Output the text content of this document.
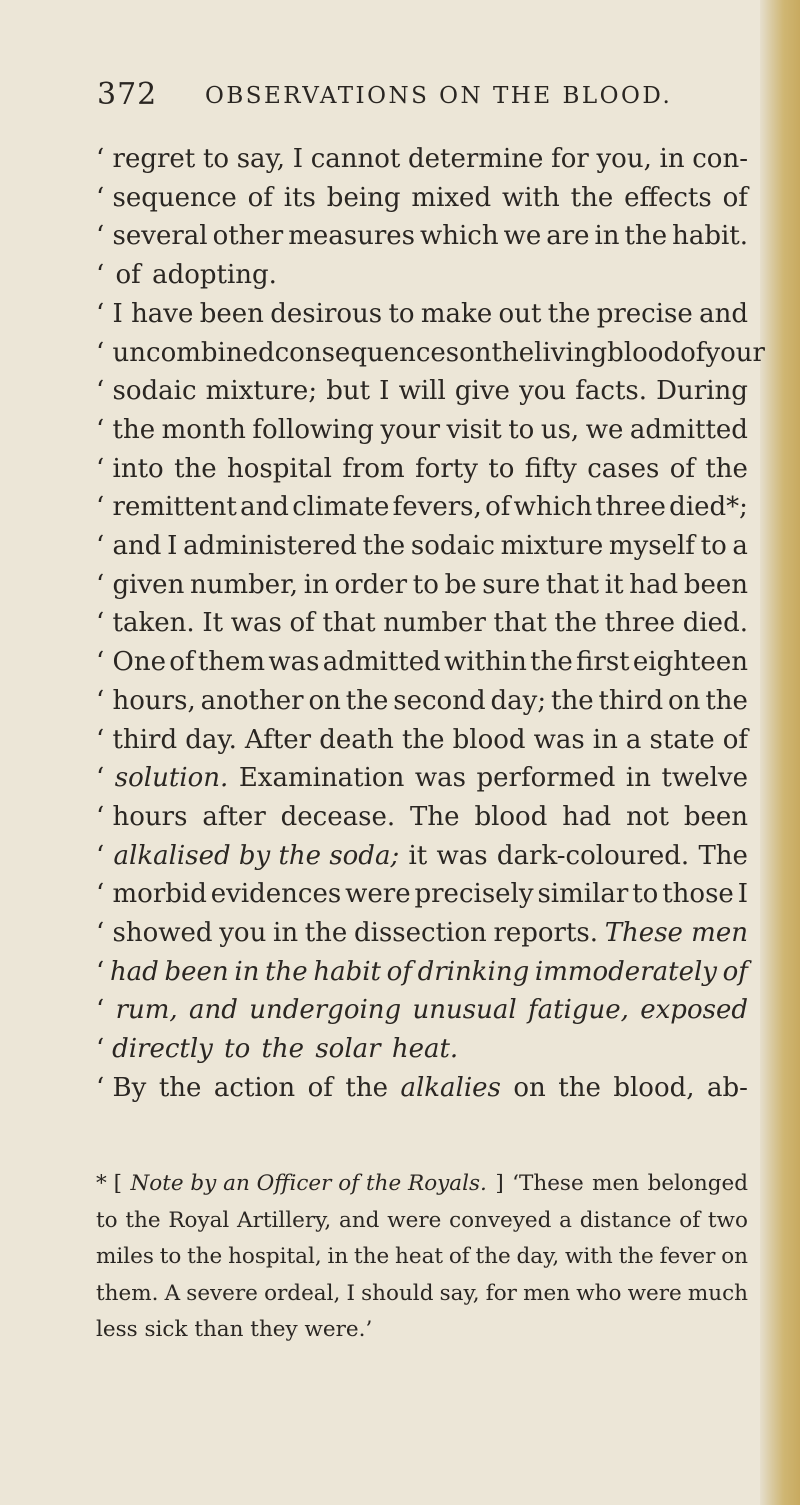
372 OBSERVATIONS ON THE BLOOD.
‘ regret to say, I cannot determine for you, in con-
‘ sequence of its being mixed with the effects of
‘ several other measures which we are in the habit.
‘ of adopting.
‘ I have been desirous to make out the precise and
‘ uncombined consequences on the living blood of your
‘ sodaic mixture; but I will give you facts. During
‘ the month following your visit to us, we admitted
‘ into the hospital from forty to fifty cases of the
‘ remittent and climate fevers, of which three died*;
‘ and I administered the sodaic mixture myself to a
‘ given number, in order to be sure that it had been
‘ taken. It was of that number that the three died.
‘ One of them was admitted within the first eighteen
‘ hours, another on the second day; the third on the
‘ third day. After death the blood was in a state of
‘ solution. Examination was performed in twelve
‘ hours after decease. The blood had not been
‘ alkalised by the soda; it was dark-coloured. The
‘ morbid evidences were precisely similar to those I
‘ showed you in the dissection reports. These men
‘ had been in the habit of drinking immoderately of
‘ rum, and undergoing unusual fatigue, exposed
‘ directly to the solar heat.
‘ By the action of the alkalies on the blood, ab-
* [ Note by an Officer of the Royals. ] ‘These men belonged
to the Royal Artillery, and were conveyed a distance of two
miles to the hospital, in the heat of the day, with the fever on
them. A severe ordeal, I should say, for men who were much
less sick than they were.’
